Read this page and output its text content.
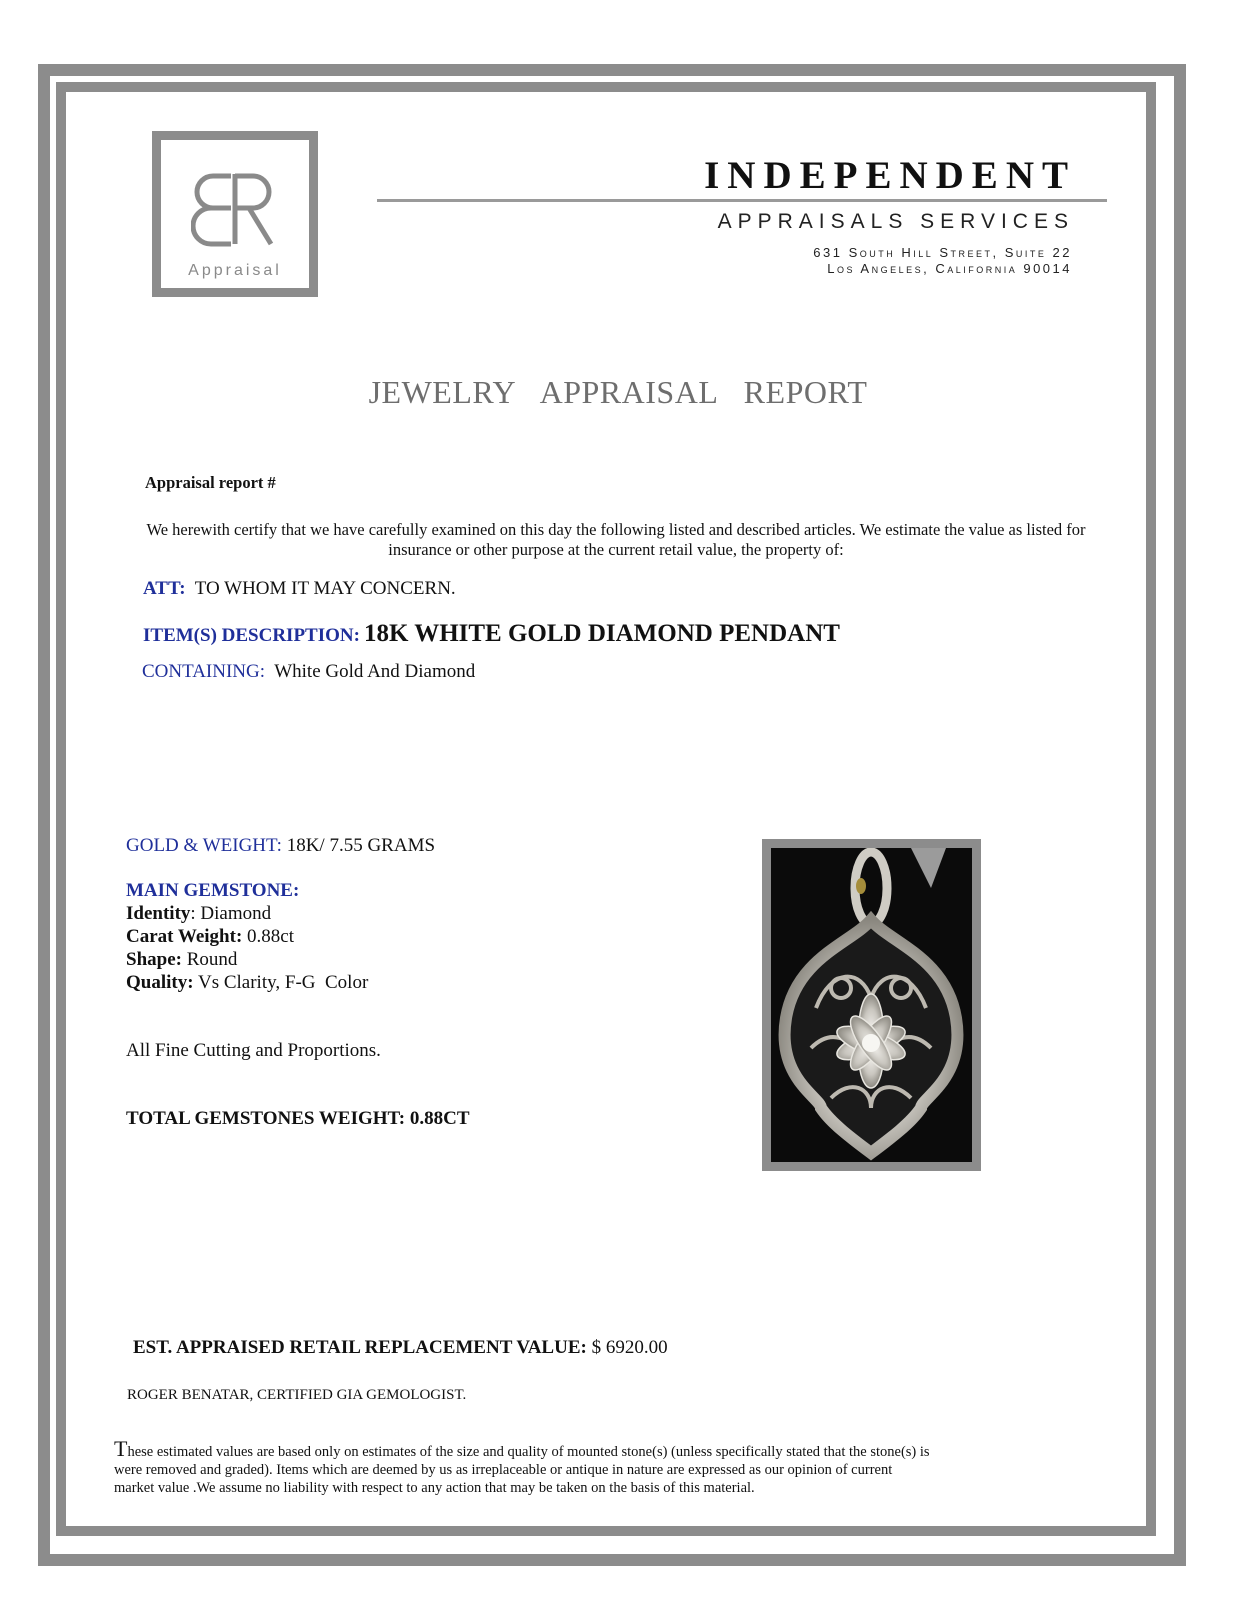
Appraisal
INDEPENDENT
APPRAISALS SERVICES
631 South Hill Street, Suite 22
Los Angeles, California 90014
JEWELRY APPRAISAL REPORT
Appraisal report #
We herewith certify that we have carefully examined on this day the following listed and described articles. We estimate the value as listed for insurance or other purpose at the current retail value, the property of:
ATT: TO WHOM IT MAY CONCERN.
ITEM(S) DESCRIPTION: 18K WHITE GOLD DIAMOND PENDANT
CONTAINING: White Gold And Diamond
GOLD & WEIGHT: 18K/ 7.55 GRAMS
MAIN GEMSTONE:
Identity: Diamond
Carat Weight: 0.88ct
Shape: Round
Quality: Vs Clarity, F-G  Color
All Fine Cutting and Proportions.
TOTAL GEMSTONES WEIGHT: 0.88CT
EST. APPRAISED RETAIL REPLACEMENT VALUE: $ 6920.00
ROGER BENATAR, CERTIFIED GIA GEMOLOGIST.
These estimated values are based only on estimates of the size and quality of mounted stone(s) (unless specifically stated that the stone(s) is
were removed and graded). Items which are deemed by us as irreplaceable or antique in nature are expressed as our opinion of current
market value .We assume no liability with respect to any action that may be taken on the basis of this material.
